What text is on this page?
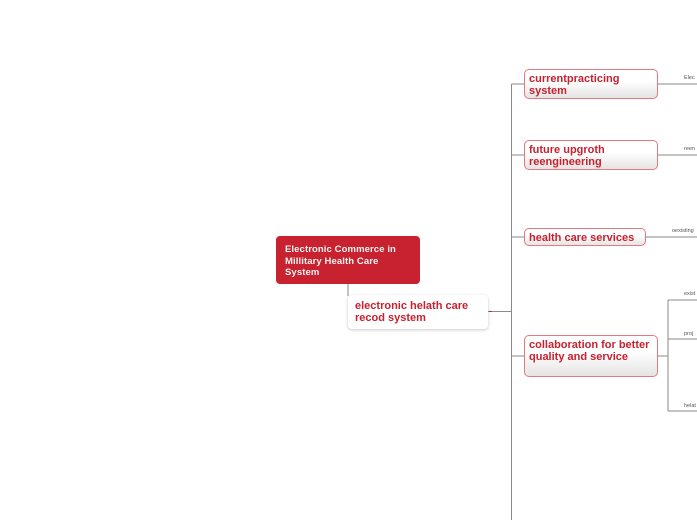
Electronic Commerce in Millitary Health Care System
electronic helath care recod system
-
currentpracticing system
future upgroth reengineering
health care services
collaboration for better quality and service
Elec
reen
oexisting
exist
proj
helat
